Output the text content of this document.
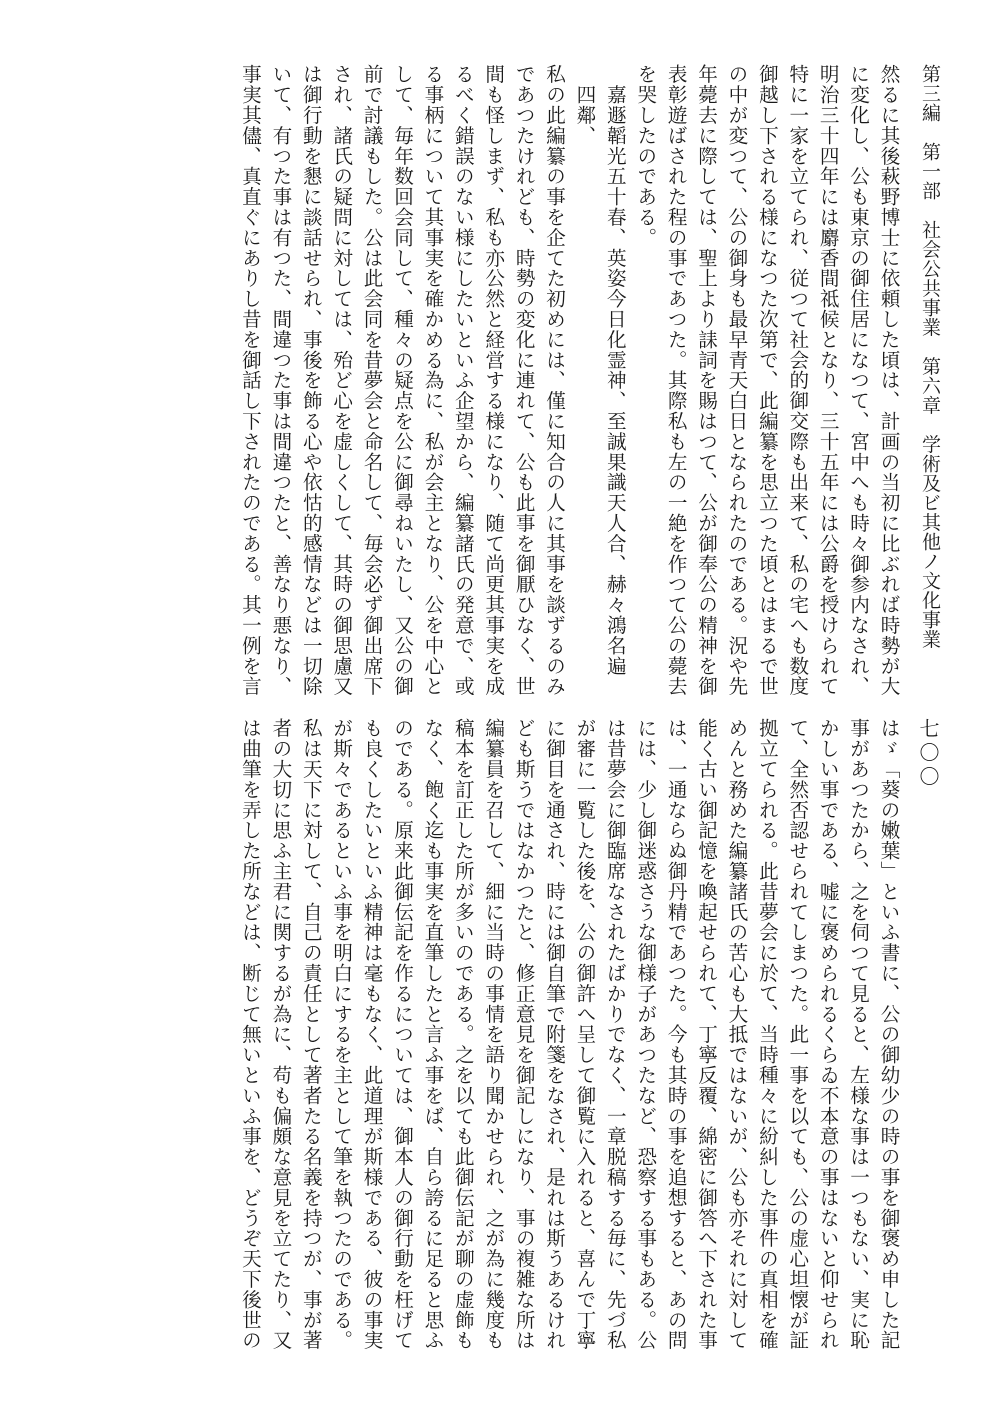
第三編　第一部　社会公共事業　第六章　学術及ビ其他ノ文化事業
七〇〇
然るに其後萩野博士に依頼した頃は、計画の当初に比ぶれば時勢が大
に変化し、公も東京の御住居になつて、宮中へも時々御参内なされ、
明治三十四年には麝香間祗候となり、三十五年には公爵を授けられて
特に一家を立てられ、従つて社会的御交際も出来て、私の宅へも数度
御越し下される様になつた次第で、此編纂を思立つた頃とはまるで世
の中が変つて、公の御身も最早青天白日となられたのである。況や先
年薨去に際しては、聖上より誄詞を賜はつて、公が御奉公の精神を御
表彰遊ばされた程の事であつた。其際私も左の一絶を作つて公の薨去
を哭したのである。
　嘉遯韜光五十春、英姿今日化霊神、至誠果識天人合、赫々鴻名遍
　四鄰、
私の此編纂の事を企てた初めには、僅に知合の人に其事を談ずるのみ
であつたけれども、時勢の変化に連れて、公も此事を御厭ひなく、世
間も怪しまず、私も亦公然と経営する様になり、随て尚更其事実を成
るべく錯誤のない様にしたいといふ企望から、編纂諸氏の発意で、或
る事柄について其事実を確かめる為に、私が会主となり、公を中心と
して、毎年数回会同して、種々の疑点を公に御尋ねいたし、又公の御
前で討議もした。公は此会同を昔夢会と命名して、毎会必ず御出席下
され、諸氏の疑問に対しては、殆ど心を虚しくして、其時の御思慮又
は御行動を懇に談話せられ、事後を飾る心や依怙的感情などは一切除
いて、有つた事は有つた、間違つた事は間違つたと、善なり悪なり、
事実其儘、真直ぐにありし昔を御話し下されたのである。其一例を言
はゞ「葵の嫩葉」といふ書に、公の御幼少の時の事を御褒め申した記
事があつたから、之を伺つて見ると、左様な事は一つもない、実に恥
かしい事である、嘘に褒められるくらゐ不本意の事はないと仰せられ
て、全然否認せられてしまつた。此一事を以ても、公の虚心坦懐が証
拠立てられる。此昔夢会に於て、当時種々に紛糾した事件の真相を確
めんと務めた編纂諸氏の苦心も大抵ではないが、公も亦それに対して
能く古い御記憶を喚起せられて、丁寧反覆、綿密に御答へ下された事
は、一通ならぬ御丹精であつた。今も其時の事を追想すると、あの問
には、少し御迷惑さうな御様子があつたなど、恐察する事もある。公
は昔夢会に御臨席なされたばかりでなく、一章脱稿する毎に、先づ私
が審に一覧した後を、公の御許へ呈して御覧に入れると、喜んで丁寧
に御目を通され、時には御自筆で附箋をなされ、是れは斯うあるけれ
ども斯うではなかつたと、修正意見を御記しになり、事の複雑な所は
編纂員を召して、細に当時の事情を語り聞かせられ、之が為に幾度も
稿本を訂正した所が多いのである。之を以ても此御伝記が聊の虚飾も
なく、飽く迄も事実を直筆したと言ふ事をば、自ら誇るに足ると思ふ
のである。原来此御伝記を作るについては、御本人の御行動を枉げて
も良くしたいといふ精神は毫もなく、此道理が斯様である、彼の事実
が斯々であるといふ事を明白にするを主として筆を執つたのである。
私は天下に対して、自己の責任として著者たる名義を持つが、事が著
者の大切に思ふ主君に関するが為に、苟も偏頗な意見を立てたり、又
は曲筆を弄した所などは、断じて無いといふ事を、どうぞ天下後世の
